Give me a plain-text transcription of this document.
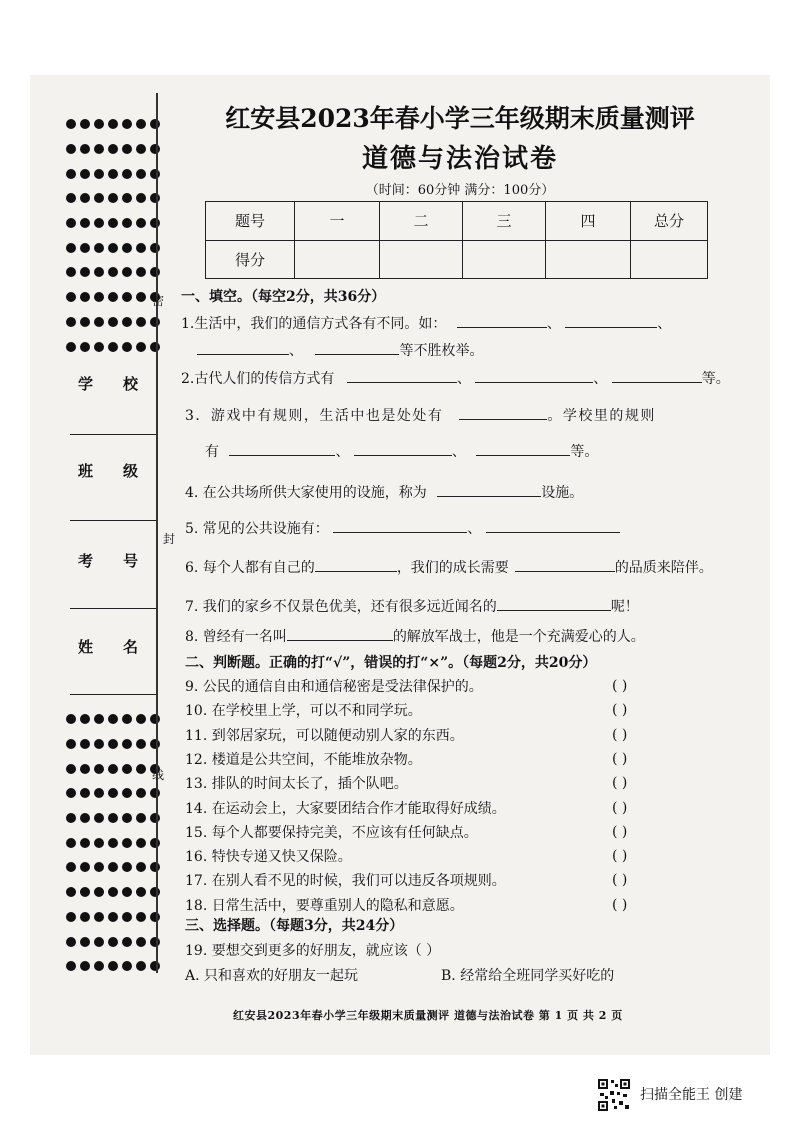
学校
班级
考号
姓名
密
封
线
红安县2023年春小学三年级期末质量测评
道德与法治试卷
（时间：60分钟 满分：100分）
题号	一	二	三	四	总分
得分					
一、填空。（每空2分，共36分）
1.生活中，我们的通信方式各有不同。如：	、	、
、	等不胜枚举。
2.古代人们的传信方式有	、	、	等。
3．游戏中有规则，生活中也是处处有	。学校里的规则
有	、	、	等。
4. 在公共场所供大家使用的设施，称为	设施。
5. 常见的公共设施有：	、
6. 每个人都有自己的	，我们的成长需要	的品质来陪伴。
7. 我们的家乡不仅景色优美，还有很多远近闻名的	呢！
8. 曾经有一名叫	的解放军战士，他是一个充满爱心的人。
二、判断题。正确的打“√”，错误的打“×”。（每题2分，共20分）
9. 公民的通信自由和通信秘密是受法律保护的。	( )
10. 在学校里上学，可以不和同学玩。	( )
11. 到邻居家玩，可以随便动别人家的东西。	( )
12. 楼道是公共空间，不能堆放杂物。	( )
13. 排队的时间太长了，插个队吧。	( )
14. 在运动会上，大家要团结合作才能取得好成绩。	( )
15. 每个人都要保持完美，不应该有任何缺点。	( )
16. 特快专递又快又保险。	( )
17. 在别人看不见的时候，我们可以违反各项规则。	( )
18. 日常生活中，要尊重别人的隐私和意愿。	( )
三、选择题。（每题3分，共24分）
19. 要想交到更多的好朋友，就应该（ ）
A. 只和喜欢的好朋友一起玩	B. 经常给全班同学买好吃的
红安县2023年春小学三年级期末质量测评 道德与法治试卷 第 1 页 共 2 页
扫描全能王 创建
